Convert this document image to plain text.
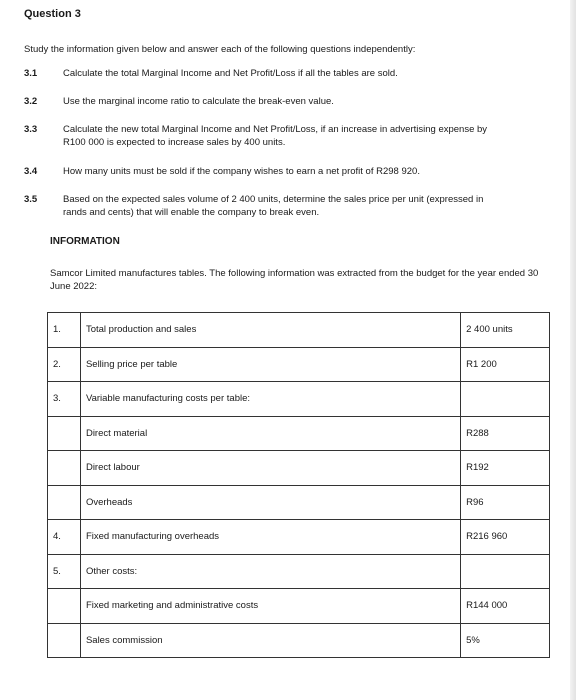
Question 3
Study the information given below and answer each of the following questions independently:
3.1	Calculate the total Marginal Income and Net Profit/Loss if all the tables are sold.
3.2	Use the marginal income ratio to calculate the break-even value.
3.3	Calculate the new total Marginal Income and Net Profit/Loss, if an increase in advertising expense by R100 000 is expected to increase sales by 400 units.
3.4	How many units must be sold if the company wishes to earn a net profit of R298 920.
3.5	Based on the expected sales volume of 2 400 units, determine the sales price per unit (expressed in rands and cents) that will enable the company to break even.
INFORMATION
Samcor Limited manufactures tables. The following information was extracted from the budget for the year ended 30 June 2022:
1.	Total production and sales	2 400 units
2.	Selling price per table	R1 200
3.	Variable manufacturing costs per table:	
	Direct material	R288
	Direct labour	R192
	Overheads	R96
4.	Fixed manufacturing overheads	R216 960
5.	Other costs:	
	Fixed marketing and administrative costs	R144 000
	Sales commission	5%
